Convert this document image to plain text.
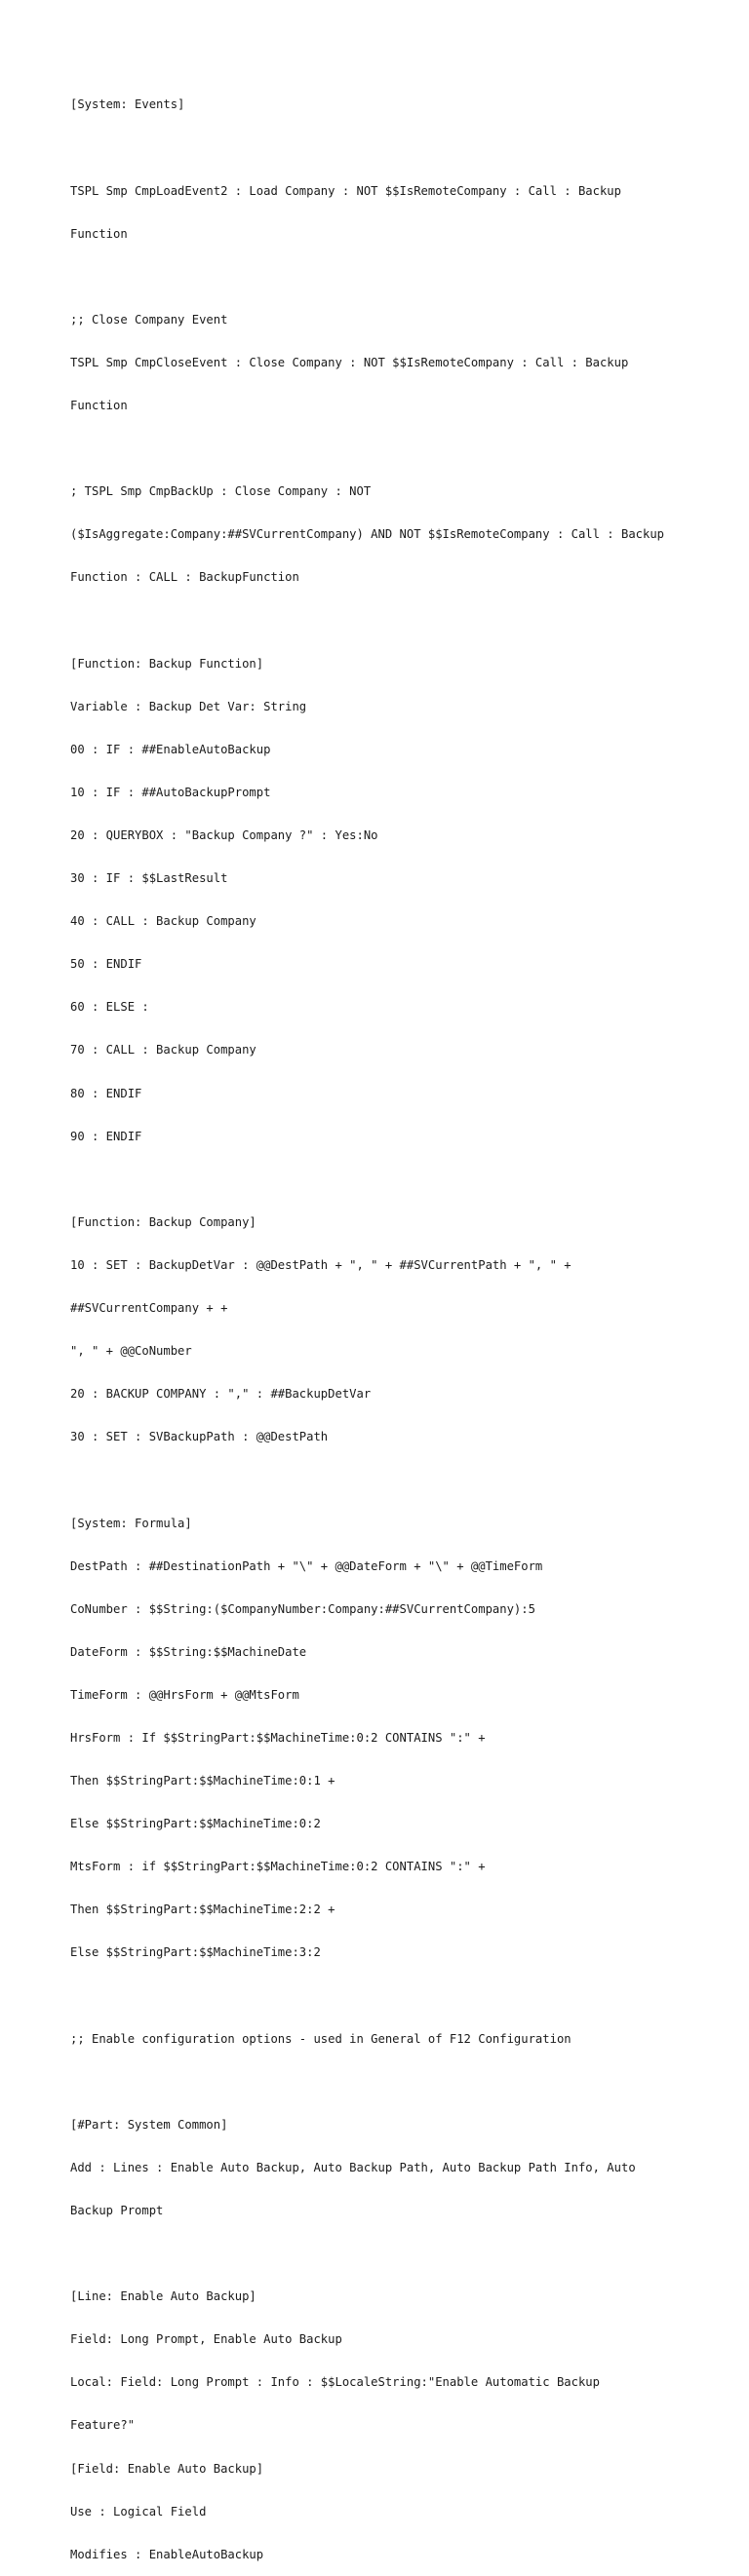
[System: Events]

TSPL Smp CmpLoadEvent2 : Load Company : NOT $$IsRemoteCompany : Call : Backup

Function

;; Close Company Event

TSPL Smp CmpCloseEvent : Close Company : NOT $$IsRemoteCompany : Call : Backup

Function

; TSPL Smp CmpBackUp : Close Company : NOT

($IsAggregate:Company:##SVCurrentCompany) AND NOT $$IsRemoteCompany : Call : Backup

Function : CALL : BackupFunction

[Function: Backup Function]

Variable : Backup Det Var: String

00 : IF : ##EnableAutoBackup

10 : IF : ##AutoBackupPrompt

20 : QUERYBOX : "Backup Company ?" : Yes:No

30 : IF : $$LastResult

40 : CALL : Backup Company

50 : ENDIF

60 : ELSE :

70 : CALL : Backup Company

80 : ENDIF

90 : ENDIF

[Function: Backup Company]

10 : SET : BackupDetVar : @@DestPath + ", " + ##SVCurrentPath + ", " +

##SVCurrentCompany + +

", " + @@CoNumber

20 : BACKUP COMPANY : "," : ##BackupDetVar

30 : SET : SVBackupPath : @@DestPath

[System: Formula]

DestPath : ##DestinationPath + "\" + @@DateForm + "\" + @@TimeForm

CoNumber : $$String:($CompanyNumber:Company:##SVCurrentCompany):5

DateForm : $$String:$$MachineDate

TimeForm : @@HrsForm + @@MtsForm

HrsForm : If $$StringPart:$$MachineTime:0:2 CONTAINS ":" +

Then $$StringPart:$$MachineTime:0:1 +

Else $$StringPart:$$MachineTime:0:2

MtsForm : if $$StringPart:$$MachineTime:0:2 CONTAINS ":" +

Then $$StringPart:$$MachineTime:2:2 +

Else $$StringPart:$$MachineTime:3:2

;; Enable configuration options - used in General of F12 Configuration

[#Part: System Common]

Add : Lines : Enable Auto Backup, Auto Backup Path, Auto Backup Path Info, Auto

Backup Prompt

[Line: Enable Auto Backup]

Field: Long Prompt, Enable Auto Backup

Local: Field: Long Prompt : Info : $$LocaleString:"Enable Automatic Backup

Feature?"

[Field: Enable Auto Backup]

Use : Logical Field

Modifies : EnableAutoBackup
